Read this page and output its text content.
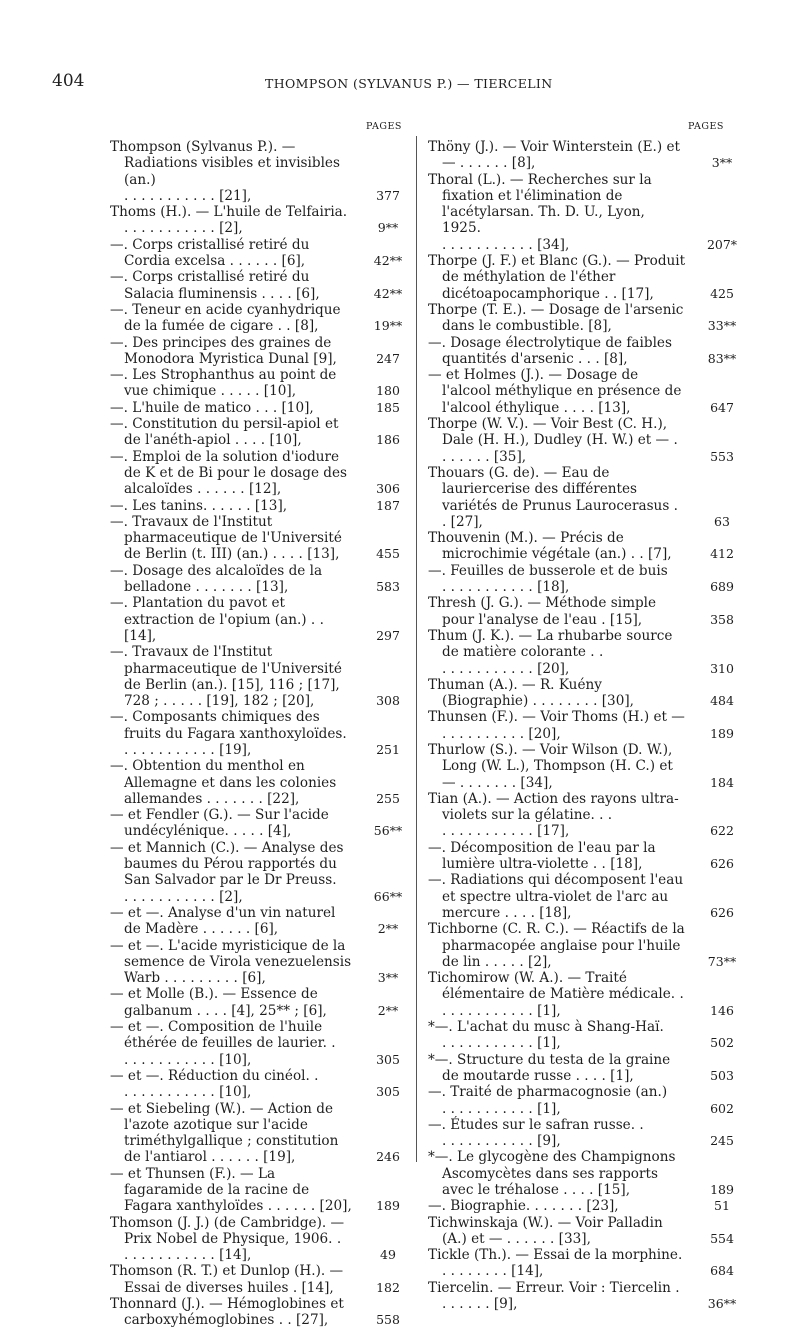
404	THOMPSON (SYLVANUS P.) — TIERCELIN
PAGES	PAGES
Thompson (Sylvanus P.). — Radiations visibles et invisibles (an.)
. . . . . . . . . . . [21],	377
Thoms (H.). — L'huile de Telfairia.
. . . . . . . . . . . [2],	9**
—. Corps cristallisé retiré du Cordia excelsa . . . . . . [6],	42**
—. Corps cristallisé retiré du Salacia fluminensis . . . . [6],	42**
—. Teneur en acide cyanhydrique de la fumée de cigare . . [8],	19**
—. Des principes des graines de Monodora Myristica Dunal [9],	247
—. Les Strophanthus au point de vue chimique . . . . . [10],	180
—. L'huile de matico . . . [10],	185
—. Constitution du persil-apiol et de l'anéth-apiol . . . . [10],	186
—. Emploi de la solution d'iodure de K et de Bi pour le dosage des alcaloïdes . . . . . . [12],	306
—. Les tanins. . . . . . [13],	187
—. Travaux de l'Institut pharmaceutique de l'Université de Berlin (t. III) (an.) . . . . [13],	455
—. Dosage des alcaloïdes de la belladone . . . . . . . [13],	583
—. Plantation du pavot et extraction de l'opium (an.) . . [14],	297
—. Travaux de l'Institut pharmaceutique de l'Université de Berlin (an.). [15], 116 ; [17], 728 ; . . . . . [19], 182 ; [20],	308
—. Composants chimiques des fruits du Fagara xanthoxyloïdes.
. . . . . . . . . . . [19],	251
—. Obtention du menthol en Allemagne et dans les colonies allemandes . . . . . . . [22],	255
— et Fendler (G.). — Sur l'acide undécylénique. . . . . [4],	56**
— et Mannich (C.). — Analyse des baumes du Pérou rapportés du San Salvador par le Dr Preuss.
. . . . . . . . . . . [2],	66**
— et —. Analyse d'un vin naturel de Madère . . . . . . [6],	2**
— et —. L'acide myristicique de la semence de Virola venezuelensis Warb . . . . . . . . . [6],	3**
— et Molle (B.). — Essence de galbanum . . . . [4], 25** ; [6],	2**
— et —. Composition de l'huile éthérée de feuilles de laurier. .
. . . . . . . . . . . [10],	305
— et —. Réduction du cinéol. .
. . . . . . . . . . . [10],	305
— et Siebeling (W.). — Action de l'azote azotique sur l'acide triméthylgallique ; constitution de l'antiarol . . . . . . [19],	246
— et Thunsen (F.). — La fagaramide de la racine de Fagara xanthyloïdes . . . . . . [20],	189
Thomson (J. J.) (de Cambridge). — Prix Nobel de Physique, 1906. .
. . . . . . . . . . . [14],	49
Thomson (R. T.) et Dunlop (H.). — Essai de diverses huiles . [14],	182
Thonnard (J.). — Hémoglobines et carboxyhémoglobines . . [27],	558
Thöny (J.). — Voir Winterstein (E.) et — . . . . . . [8],	3**
Thoral (L.). — Recherches sur la fixation et l'élimination de l'acétylarsan. Th. D. U., Lyon, 1925.
. . . . . . . . . . . [34],	207*
Thorpe (J. F.) et Blanc (G.). — Produit de méthylation de l'éther dicétoapocamphorique . . [17],	425
Thorpe (T. E.). — Dosage de l'arsenic dans le combustible. [8],	33**
—. Dosage électrolytique de faibles quantités d'arsenic . . . [8],	83**
— et Holmes (J.). — Dosage de l'alcool méthylique en présence de l'alcool éthylique . . . . [13],	647
Thorpe (W. V.). — Voir Best (C. H.), Dale (H. H.), Dudley (H. W.) et — . . . . . . . [35],	553
Thouars (G. de). — Eau de lauriercerise des différentes variétés de Prunus Laurocerasus . . [27],	63
Thouvenin (M.). — Précis de microchimie végétale (an.) . . [7],	412
—. Feuilles de busserole et de buis
. . . . . . . . . . . [18],	689
Thresh (J. G.). — Méthode simple pour l'analyse de l'eau . [15],	358
Thum (J. K.). — La rhubarbe source de matière colorante . .
. . . . . . . . . . . [20],	310
Thuman (A.). — R. Kuény (Biographie) . . . . . . . . [30],	484
Thunsen (F.). — Voir Thoms (H.) et — . . . . . . . . . . [20],	189
Thurlow (S.). — Voir Wilson (D. W.), Long (W. L.), Thompson (H. C.) et — . . . . . . . [34],	184
Tian (A.). — Action des rayons ultra-violets sur la gélatine. . .
. . . . . . . . . . . [17],	622
—. Décomposition de l'eau par la lumière ultra-violette . . [18],	626
—. Radiations qui décomposent l'eau et spectre ultra-violet de l'arc au mercure . . . . [18],	626
Tichborne (C. R. C.). — Réactifs de la pharmacopée anglaise pour l'huile de lin . . . . . [2],	73**
Tichomirow (W. A.). — Traité élémentaire de Matière médicale. .
. . . . . . . . . . . [1],	146
*—. L'achat du musc à Shang-Haï.
. . . . . . . . . . . [1],	502
*—. Structure du testa de la graine de moutarde russe . . . . [1],	503
—. Traité de pharmacognosie (an.)
. . . . . . . . . . . [1],	602
—. Études sur le safran russe. .
. . . . . . . . . . . [9],	245
*—. Le glycogène des Champignons Ascomycètes dans ses rapports avec le tréhalose . . . . [15],	189
—. Biographie. . . . . . . [23],	51
Tichwinskaja (W.). — Voir Palladin (A.) et — . . . . . . [33],	554
Tickle (Th.). — Essai de la morphine. . . . . . . . . [14],	684
Tiercelin. — Erreur. Voir : Tiercelin . . . . . . . [9],	36**
